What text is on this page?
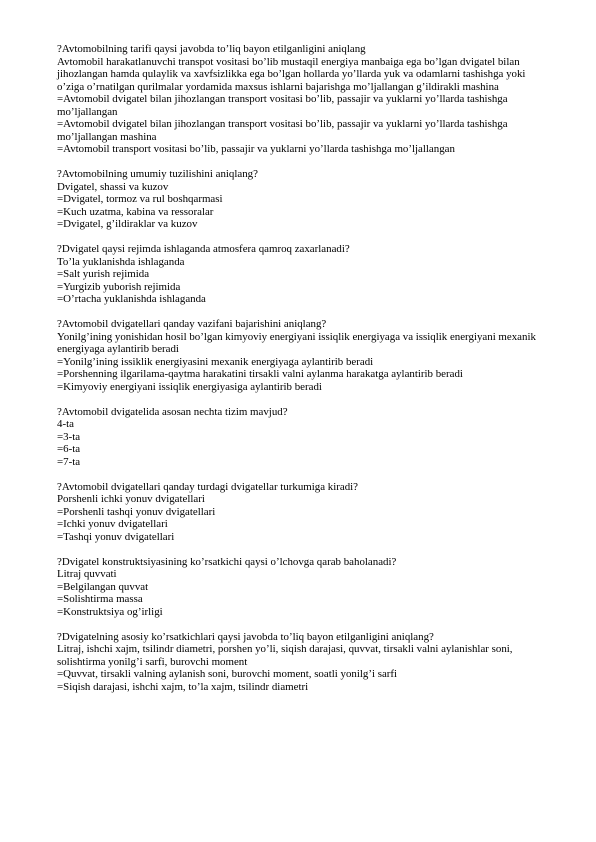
?Avtomobilning tarifi qaysi javobda to’liq bayon etilganligini aniqlang
Avtomobil harakatlanuvchi transpot vositasi bo’lib mustaqil energiya manbaiga ega bo’lgan dvigatel bilan jihozlangan hamda qulaylik va xavfsizlikka ega bo’lgan hollarda yo’llarda yuk va odamlarni tashishga yoki o’ziga o’rnatilgan qurilmalar yordamida maxsus ishlarni bajarishga mo’ljallangan g’ildirakli mashina
=Avtomobil dvigatel bilan jihozlangan transport vositasi bo’lib, passajir va yuklarni yo’llarda tashishga mo’ljallangan
=Avtomobil dvigatel bilan jihozlangan transport vositasi bo’lib, passajir va yuklarni yo’llarda tashishga mo’ljallangan mashina
=Avtomobil transport vositasi bo’lib, passajir va yuklarni yo’llarda tashishga mo’ljallangan
?Avtomobilning umumiy tuzilishini aniqlang?
Dvigatel, shassi va kuzov
=Dvigatel, tormoz va rul boshqarmasi
=Kuch uzatma, kabina va ressoralar
=Dvigatel, g’ildiraklar va kuzov
?Dvigatel qaysi rejimda ishlaganda atmosfera qamroq zaxarlanadi?
To’la yuklanishda ishlaganda
=Salt yurish rejimida
=Yurgizib yuborish rejimida
=O’rtacha yuklanishda ishlaganda
?Avtomobil dvigatellari qanday vazifani bajarishini aniqlang?
Yonilg’ining yonishidan hosil bo’lgan kimyoviy energiyani issiqlik energiyaga va issiqlik energiyani mexanik energiyaga aylantirib beradi
=Yonilg’ining issiklik energiyasini mexanik energiyaga aylantirib beradi
=Porshenning ilgarilama-qaytma harakatini tirsakli valni aylanma harakatga aylantirib beradi
=Kimyoviy energiyani issiqlik energiyasiga aylantirib beradi
?Avtomobil dvigatelida asosan nechta tizim mavjud?
4-ta
=3-ta
=6-ta
=7-ta
?Avtomobil dvigatellari qanday turdagi dvigatellar turkumiga kiradi?
Porshenli ichki yonuv dvigatellari
=Porshenli tashqi yonuv dvigatellari
=Ichki yonuv dvigatellari
=Tashqi yonuv dvigatellari
?Dvigatel konstruktsiyasining ko’rsatkichi qaysi o’lchovga qarab baholanadi?
Litraj quvvati
=Belgilangan quvvat
=Solishtirma massa
=Konstruktsiya og’irligi
?Dvigatelning asosiy ko’rsatkichlari qaysi javobda to’liq bayon etilganligini aniqlang?
Litraj, ishchi xajm, tsilindr diametri, porshen yo’li, siqish darajasi, quvvat, tirsakli valni aylanishlar soni, solishtirma yonilg’i sarfi, burovchi moment
=Quvvat, tirsakli valning aylanish soni, burovchi moment, soatli yonilg’i sarfi
=Siqish darajasi, ishchi xajm, to’la xajm, tsilindr diametri
